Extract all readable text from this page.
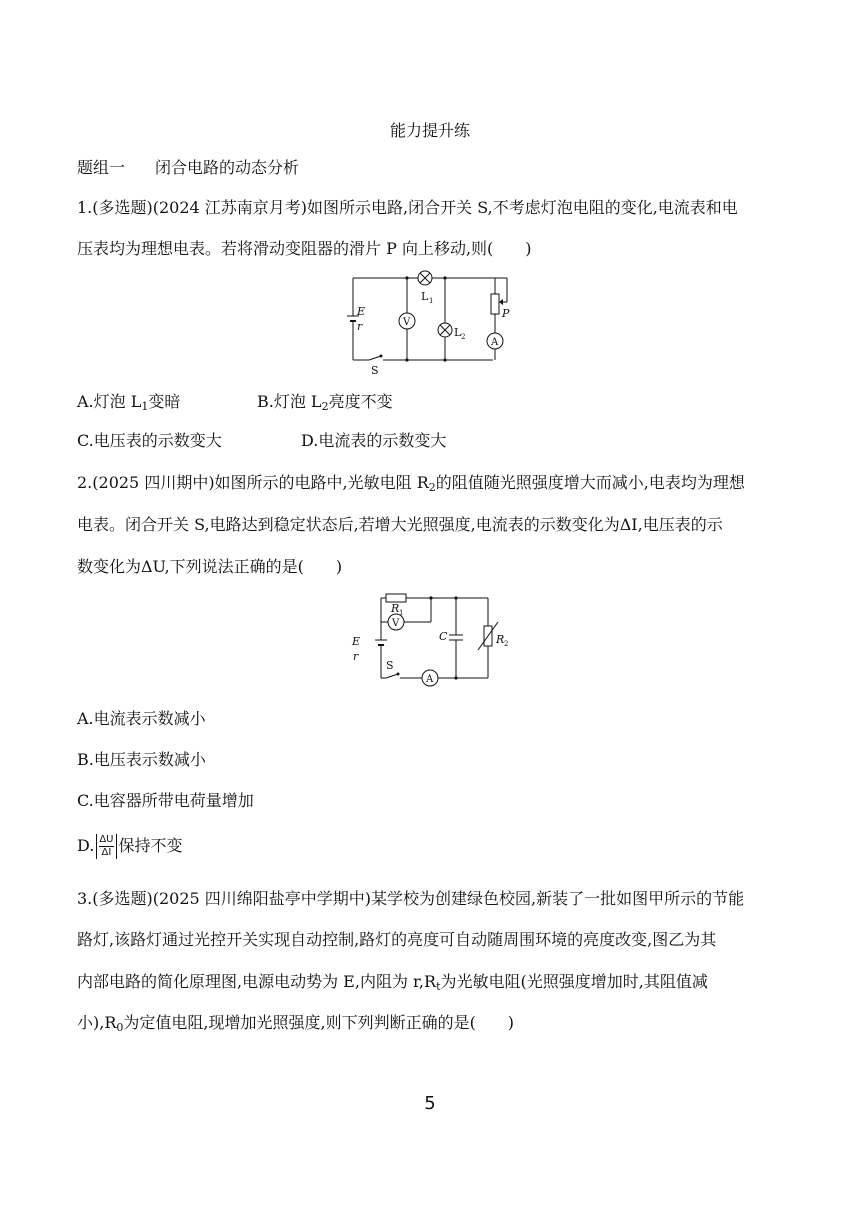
能力提升练
题组一 闭合电路的动态分析
1.(多选题)(2024 江苏南京月考)如图所示电路,闭合开关 S,不考虑灯泡电阻的变化,电流表和电
压表均为理想电表。若将滑动变阻器的滑片 P 向上移动,则(　　)
E
r	V
L 1
L 2
P
A
S
A.灯泡 $L_1$变暗	B.灯泡 $L_2$亮度不变
C.电压表的示数变大	D.电流表的示数变大
2.(2025 四川期中)如图所示的电路中,光敏电阻 $R_2$的阻值随光照强度增大而减小,电表均为理想
电表。闭合开关 S,电路达到稳定状态后,若增大光照强度,电流表的示数变化为ΔI,电压表的示
数变化为ΔU,下列说法正确的是(　　)
R 1
V
E
r
C	R 2
S
A
A.电流表示数减小
B.电压表示数减小
C.电容器所带电荷量增加
D. $\frac{\Delta U}{\Delta I}$ 保持不变
3.(多选题)(2025 四川绵阳盐亭中学期中)某学校为创建绿色校园,新装了一批如图甲所示的节能
路灯,该路灯通过光控开关实现自动控制,路灯的亮度可自动随周围环境的亮度改变,图乙为其
内部电路的简化原理图,电源电动势为 E,内阻为 $r,R_t$为光敏电阻(光照强度增加时,其阻值减
小)$,R_0$为定值电阻,现增加光照强度,则下列判断正确的是(　　)
5
